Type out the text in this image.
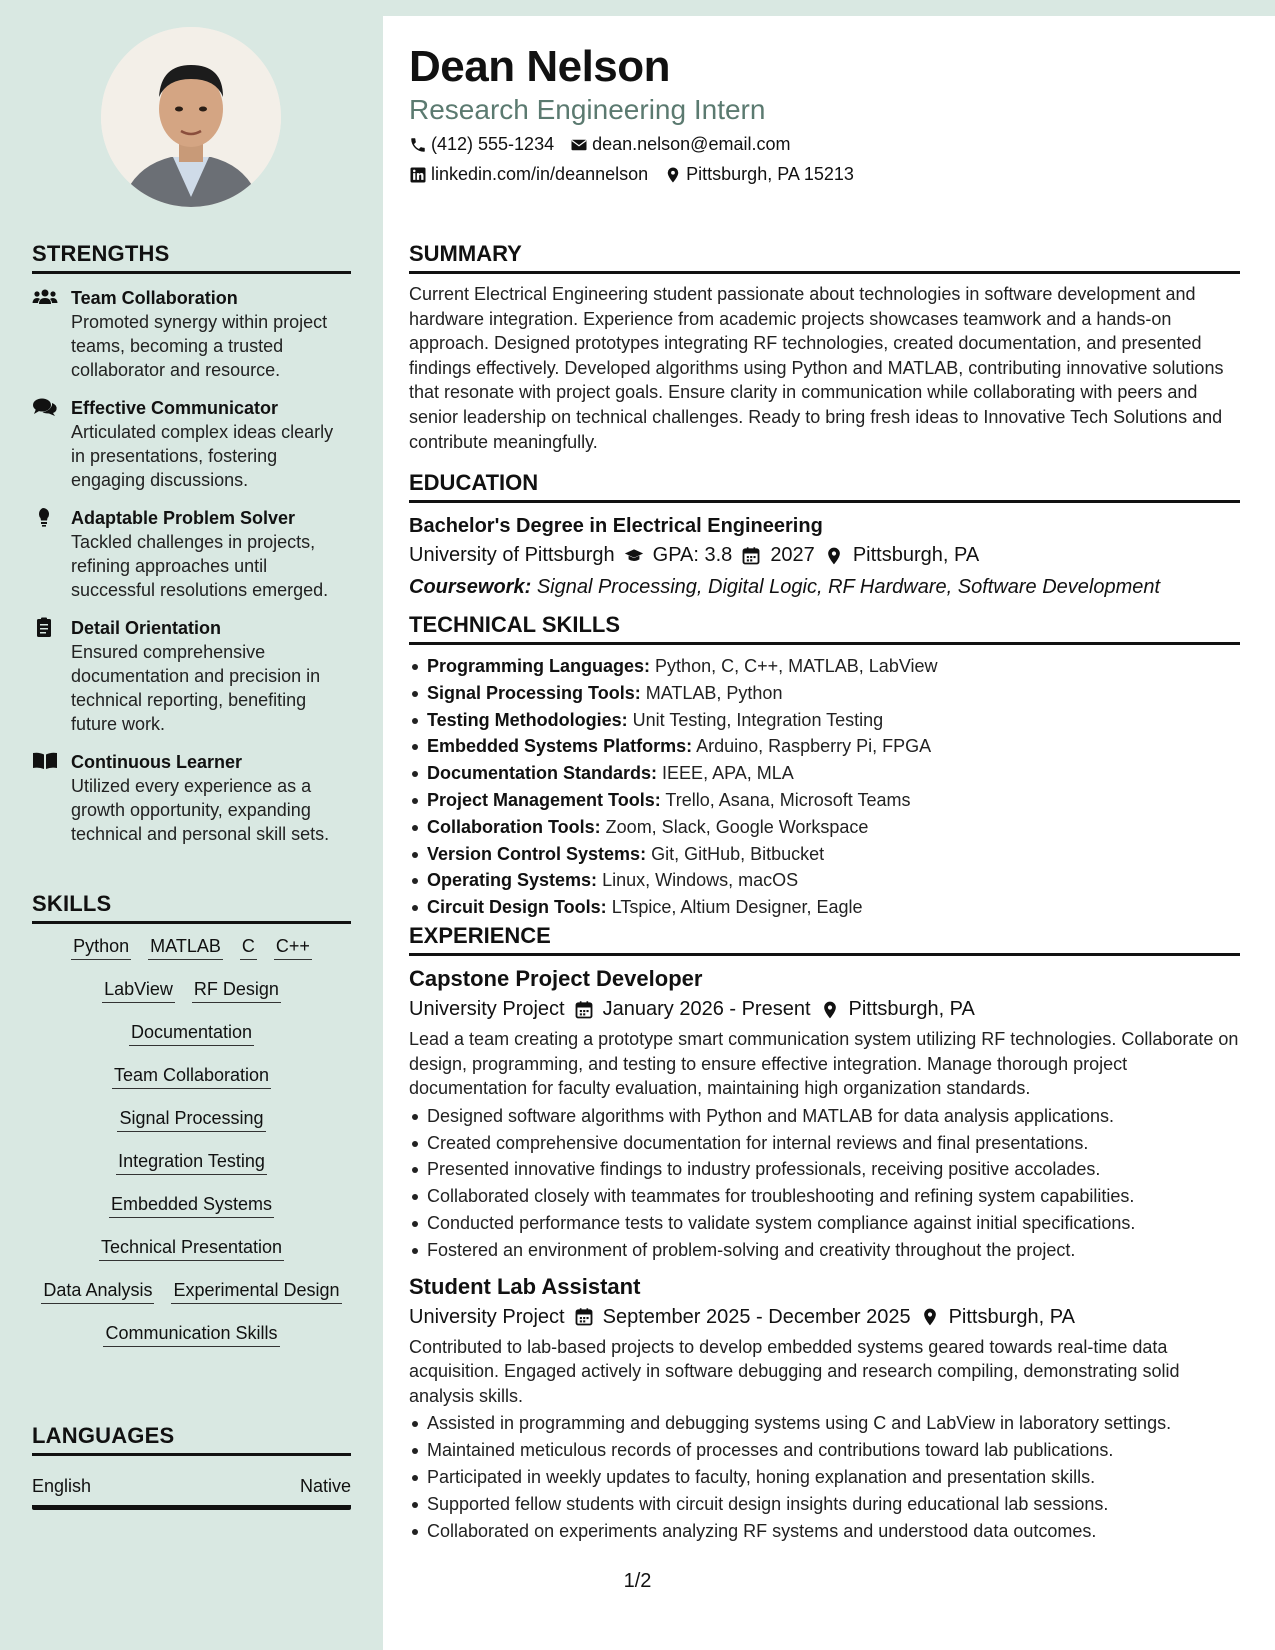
Dean Nelson
Research Engineering Intern
(412) 555-1234 dean.nelson@email.com
linkedin.com/in/deannelson Pittsburgh, PA 15213
STRENGTHS
Team Collaboration
Promoted synergy within project teams, becoming a trusted collaborator and resource.
Effective Communicator
Articulated complex ideas clearly in presentations, fostering engaging discussions.
Adaptable Problem Solver
Tackled challenges in projects, refining approaches until successful resolutions emerged.
Detail Orientation
Ensured comprehensive documentation and precision in technical reporting, benefiting future work.
Continuous Learner
Utilized every experience as a growth opportunity, expanding technical and personal skill sets.
SKILLS
Python MATLAB C C++
LabView RF Design
Documentation
Team Collaboration
Signal Processing
Integration Testing
Embedded Systems
Technical Presentation
Data Analysis Experimental Design
Communication Skills
LANGUAGES
English	Native
SUMMARY
Current Electrical Engineering student passionate about technologies in software development and hardware integration. Experience from academic projects showcases teamwork and a hands-on approach. Designed prototypes integrating RF technologies, created documentation, and presented findings effectively. Developed algorithms using Python and MATLAB, contributing innovative solutions that resonate with project goals. Ensure clarity in communication while collaborating with peers and senior leadership on technical challenges. Ready to bring fresh ideas to Innovative Tech Solutions and contribute meaningfully.
EDUCATION
Bachelor's Degree in Electrical Engineering
University of Pittsburgh GPA: 3.8 2027 Pittsburgh, PA
Coursework: Signal Processing, Digital Logic, RF Hardware, Software Development
TECHNICAL SKILLS
Programming Languages: Python, C, C++, MATLAB, LabView
Signal Processing Tools: MATLAB, Python
Testing Methodologies: Unit Testing, Integration Testing
Embedded Systems Platforms: Arduino, Raspberry Pi, FPGA
Documentation Standards: IEEE, APA, MLA
Project Management Tools: Trello, Asana, Microsoft Teams
Collaboration Tools: Zoom, Slack, Google Workspace
Version Control Systems: Git, GitHub, Bitbucket
Operating Systems: Linux, Windows, macOS
Circuit Design Tools: LTspice, Altium Designer, Eagle
EXPERIENCE
Capstone Project Developer
University Project January 2026 - Present Pittsburgh, PA
Lead a team creating a prototype smart communication system utilizing RF technologies. Collaborate on design, programming, and testing to ensure effective integration. Manage thorough project documentation for faculty evaluation, maintaining high organization standards.
Designed software algorithms with Python and MATLAB for data analysis applications.
Created comprehensive documentation for internal reviews and final presentations.
Presented innovative findings to industry professionals, receiving positive accolades.
Collaborated closely with teammates for troubleshooting and refining system capabilities.
Conducted performance tests to validate system compliance against initial specifications.
Fostered an environment of problem-solving and creativity throughout the project.
Student Lab Assistant
University Project September 2025 - December 2025 Pittsburgh, PA
Contributed to lab-based projects to develop embedded systems geared towards real-time data acquisition. Engaged actively in software debugging and research compiling, demonstrating solid analysis skills.
Assisted in programming and debugging systems using C and LabView in laboratory settings.
Maintained meticulous records of processes and contributions toward lab publications.
Participated in weekly updates to faculty, honing explanation and presentation skills.
Supported fellow students with circuit design insights during educational lab sessions.
Collaborated on experiments analyzing RF systems and understood data outcomes.
1/2
